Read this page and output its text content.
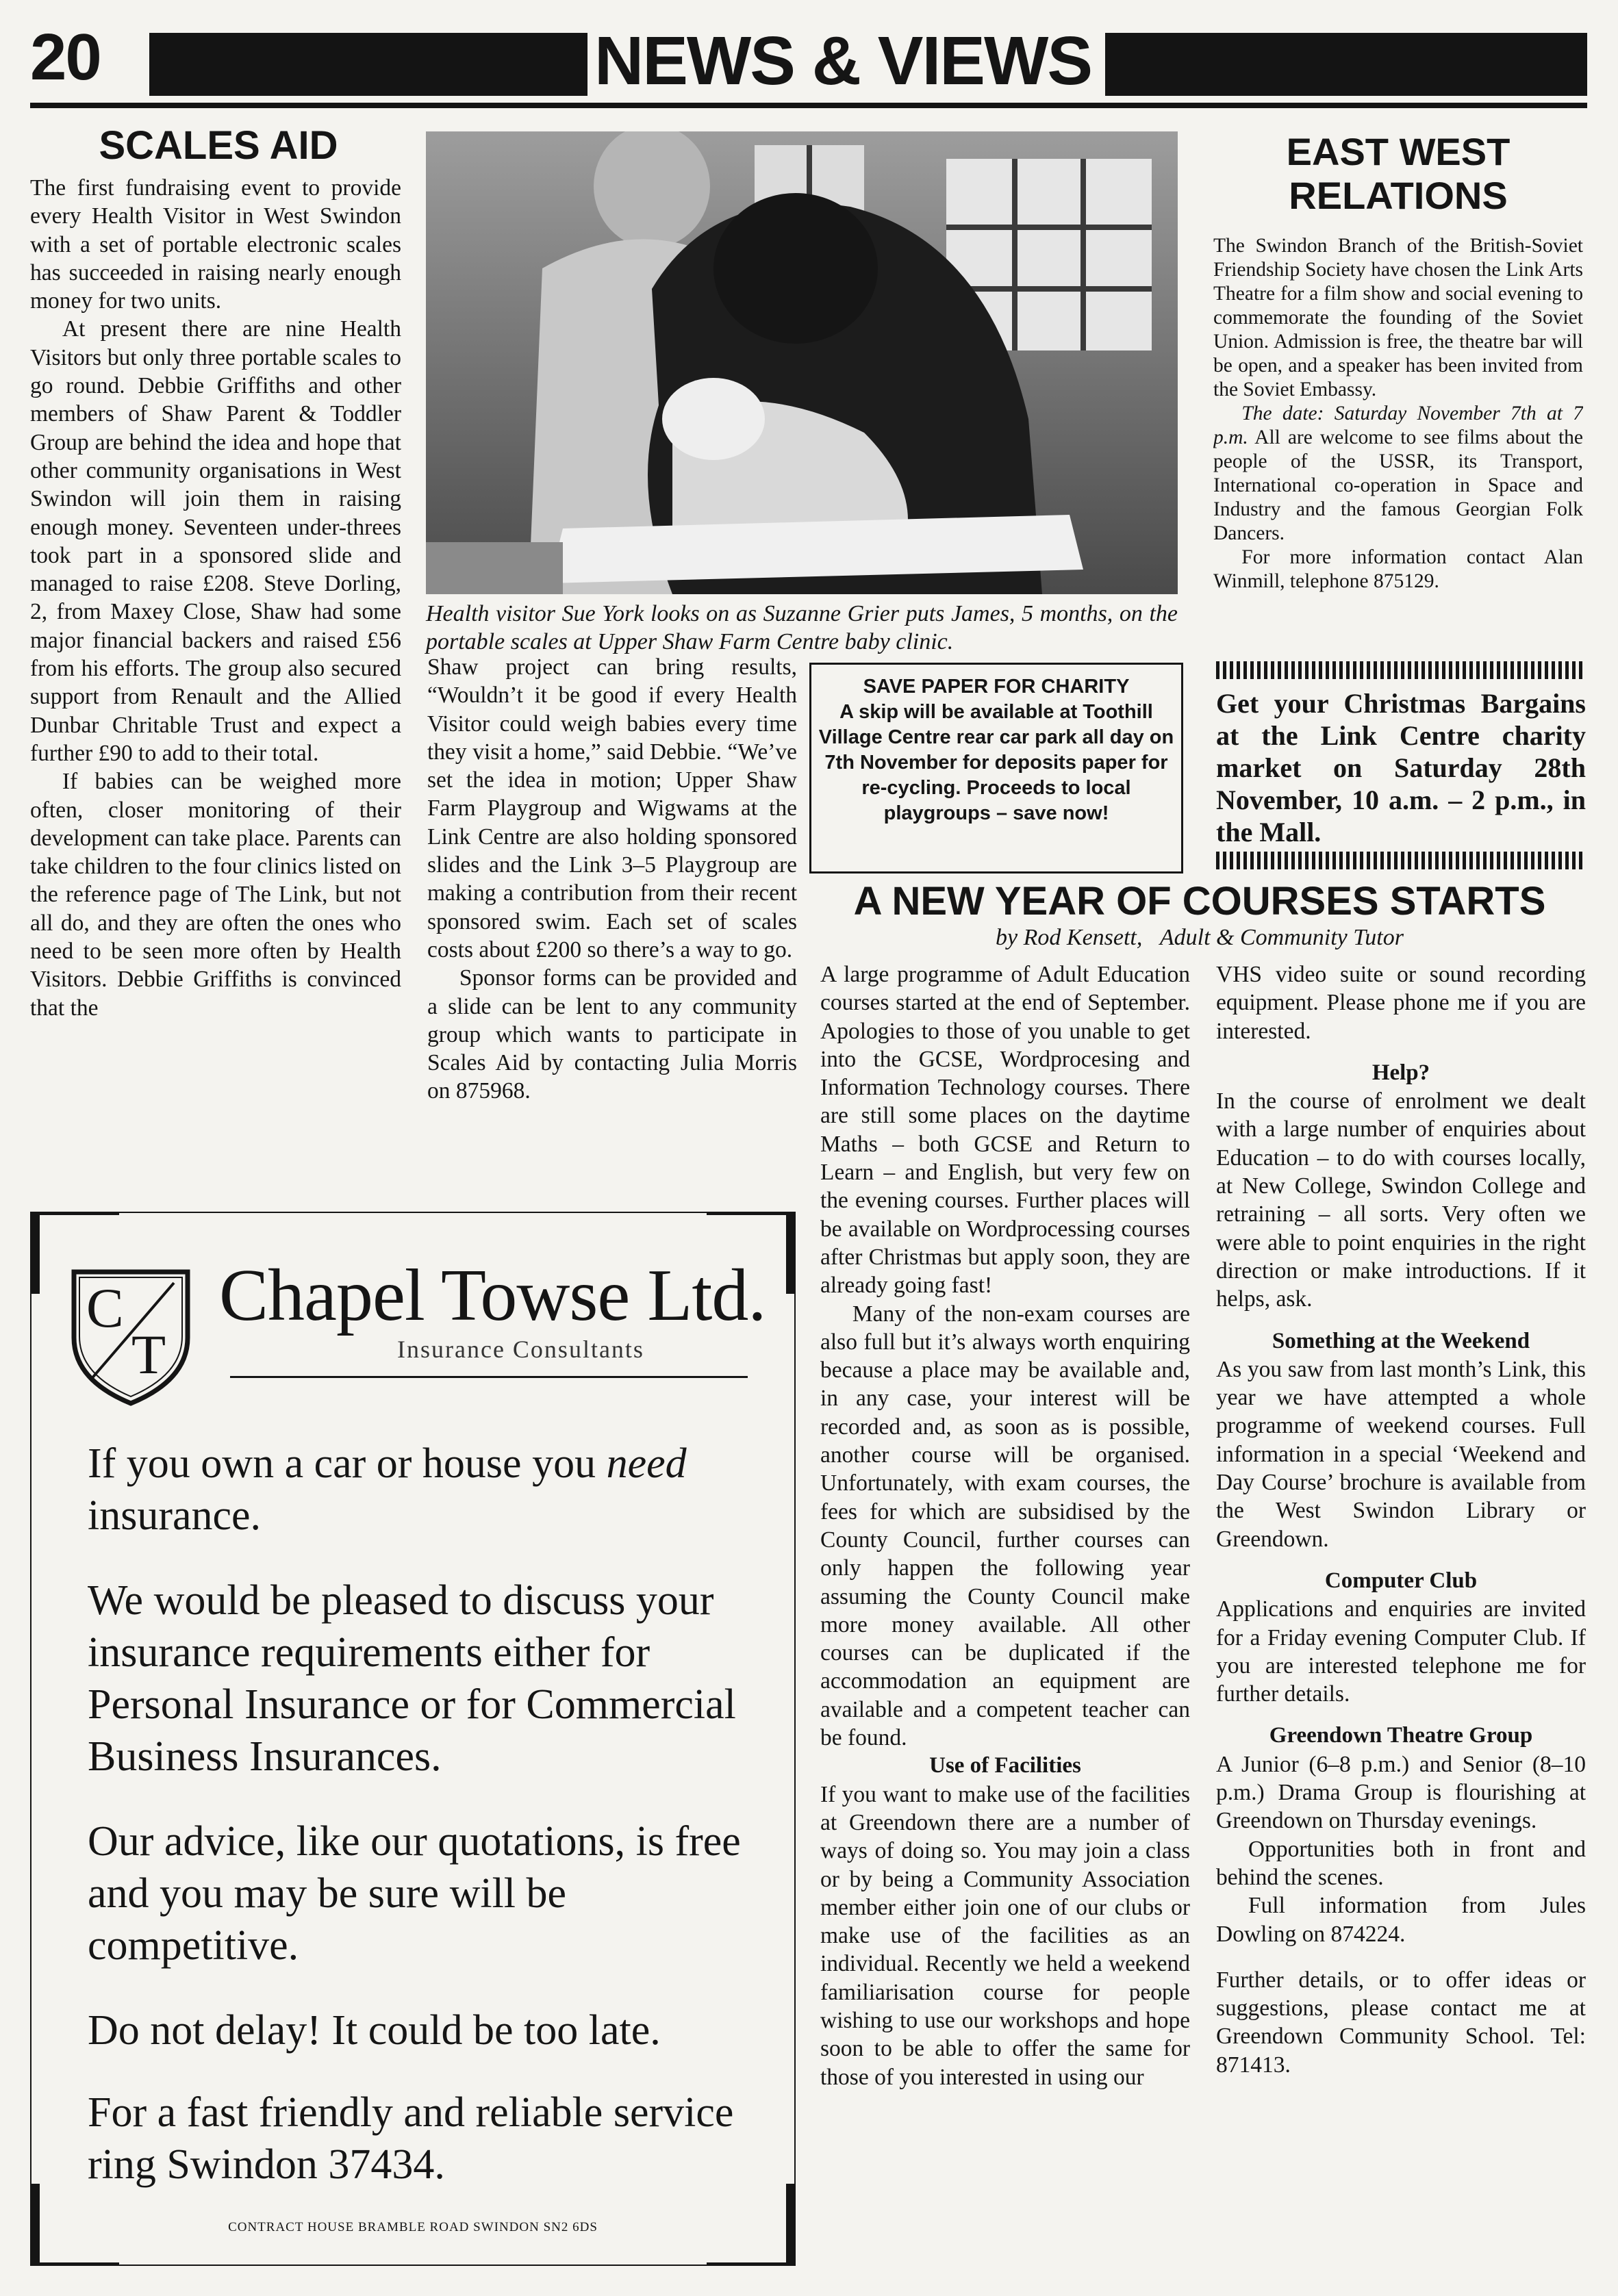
20	NEWS & VIEWS
SCALES AID

The first fundraising event to provide every Health Visitor in West Swindon with a set of portable electronic scales has succeeded in raising nearly enough money for two units.

At present there are nine Health Visitors but only three portable scales to go round. Debbie Griffiths and other members of Shaw Parent & Toddler Group are behind the idea and hope that other community organisations in West Swindon will join them in raising enough money. Seventeen under-threes took part in a sponsored slide and managed to raise £208. Steve Dorling, 2, from Maxey Close, Shaw had some major financial backers and raised £56 from his efforts. The group also secured support from Renault and the Allied Dunbar Chritable Trust and expect a further £90 to add to their total.

If babies can be weighed more often, closer monitoring of their development can take place. Parents can take children to the four clinics listed on the reference page of The Link, but not all do, and they are often the ones who need to be seen more often by Health Visitors. Debbie Griffiths is convinced that the

Health visitor Sue York looks on as Suzanne Grier puts James, 5 months, on the portable scales at Upper Shaw Farm Centre baby clinic.

Shaw project can bring results, “Wouldn’t it be good if every Health Visitor could weigh babies every time they visit a home,” said Debbie. “We’ve set the idea in motion; Upper Shaw Farm Playgroup and Wigwams at the Link Centre are also holding sponsored slides and the Link 3–5 Playgroup are making a contribution from their recent sponsored swim. Each set of scales costs about £200 so there’s a way to go.

Sponsor forms can be provided and a slide can be lent to any community group which wants to participate in Scales Aid by contacting Julia Morris on 875968.

SAVE PAPER FOR CHARITY
A skip will be available at Toothill Village Centre rear car park all day on 7th November for deposits paper for re-cycling. Proceeds to local playgroups – save now!
EAST WEST RELATIONS

The Swindon Branch of the British-Soviet Friendship Society have chosen the Link Arts Theatre for a film show and social evening to commemorate the founding of the Soviet Union. Admission is free, the theatre bar will be open, and a speaker has been invited from the Soviet Embassy.

The date: Saturday November 7th at 7 p.m. All are welcome to see films about the people of the USSR, its Transport, International co-operation in Space and Industry and the famous Georgian Folk Dancers.

For more information contact Alan Winmill, telephone 875129.

Get your Christmas Bargains at the Link Centre charity market on Saturday 28th November, 10 a.m. – 2 p.m., in the Mall.
A NEW YEAR OF COURSES STARTS
by Rod Kensett, Adult & Community Tutor

A large programme of Adult Education courses started at the end of September. Apologies to those of you unable to get into the GCSE, Wordprocesing and Information Technology courses. There are still some places on the daytime Maths – both GCSE and Return to Learn – and English, but very few on the evening courses. Further places will be available on Wordprocessing courses after Christmas but apply soon, they are already going fast!

Many of the non-exam courses are also full but it’s always worth enquiring because a place may be available and, in any case, your interest will be recorded and, as soon as is possible, another course will be organised. Unfortunately, with exam courses, the fees for which are subsidised by the County Council, further courses can only happen the following year assuming the County Council make more money available. All other courses can be duplicated if the accommodation an equipment are available and a competent teacher can be found.

Use of Facilities

If you want to make use of the facilities at Greendown there are a number of ways of doing so. You may join a class or by being a Community Association member either join one of our clubs or make use of the facilities as an individual. Recently we held a weekend familiarisation course for people wishing to use our workshops and hope soon to be able to offer the same for those of you interested in using our

VHS video suite or sound recording equipment. Please phone me if you are interested.

Help?

In the course of enrolment we dealt with a large number of enquiries about Education – to do with courses locally, at New College, Swindon College and retraining – all sorts. Very often we were able to point enquiries in the right direction or make introductions. If it helps, ask.

Something at the Weekend

As you saw from last month’s Link, this year we have attempted a whole programme of weekend courses. Full information in a special ‘Weekend and Day Course’ brochure is available from the West Swindon Library or Greendown.

Computer Club

Applications and enquiries are invited for a Friday evening Computer Club. If you are interested telephone me for further details.

Greendown Theatre Group

A Junior (6–8 p.m.) and Senior (8–10 p.m.) Drama Group is flourishing at Greendown on Thursday evenings.

Opportunities both in front and behind the scenes.

Full information from Jules Dowling on 874224.

Further details, or to offer ideas or suggestions, please contact me at Greendown Community School. Tel: 871413.

C
T
Chapel Towse Ltd.
Insurance Consultants

If you own a car or house you need insurance.

We would be pleased to discuss your insurance requirements either for Personal Insurance or for Commercial Business Insurances.

Our advice, like our quotations, is free and you may be sure will be competitive.

Do not delay! It could be too late.

For a fast friendly and reliable service ring Swindon 37434.

CONTRACT HOUSE BRAMBLE ROAD SWINDON SN2 6DS
